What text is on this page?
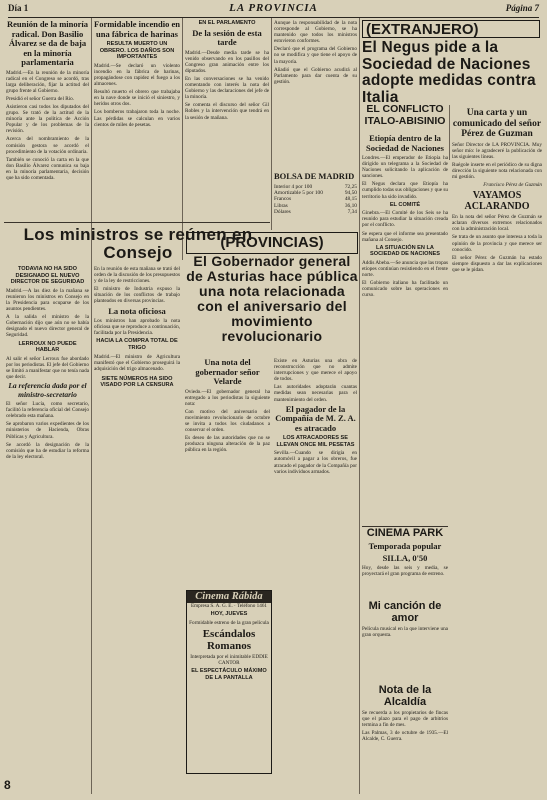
Día 1	LA PROVINCIA	Página 7
Reunión de la minoría radical. Don Basilio Álvarez se da de baja en la minoría parlamentaria

Madrid.—En la reunión de la minoría radical en el Congreso se acordó, tras larga deliberación, fijar la actitud del grupo frente al Gobierno.

Presidió el señor Guerra del Río.

Asistieron casi todos los diputados del grupo. Se trató de la actitud de la minoría ante la política de Acción Popular y de los problemas de la revisión.

Acerca del nombramiento de la comisión gestora se acordó el procedimiento de la votación ordinaria.

También se conoció la carta en la que don Basilio Álvarez comunica su baja en la minoría parlamentaria, decisión que ha sido comentada.

Formidable incendio en una fábrica de harinas
RESULTA MUERTO UN OBRERO. LOS DAÑOS SON IMPORTANTES

Madrid.—Se declaró un violento incendio en la fábrica de harinas, propagándose con rapidez el fuego a los almacenes.

Resultó muerto el obrero que trabajaba en la nave donde se inició el siniestro, y heridos otros dos.

Los bomberos trabajaron toda la noche. Las pérdidas se calculan en varios cientos de miles de pesetas.

EN EL PARLAMENTO
De la sesión de esta tarde

Madrid.—Desde media tarde se ha venido observando en los pasillos del Congreso gran animación entre los diputados.

En las conversaciones se ha venido comentando con interés la nota del Gobierno y las declaraciones del jefe de la minoría.

Se comenta el discurso del señor Gil Robles y la intervención que tendrá en la sesión de mañana.

Aunque la responsabilidad de la nota corresponde al Gobierno, se ha mantenido que todos los ministros estuvieron conformes.

Declaró que el programa del Gobierno no se modifica y que tiene el apoyo de la mayoría.

Añadió que el Gobierno acudirá al Parlamento para dar cuenta de su gestión.

BOLSA DE MADRID
Interior 4 por 100	72,25
Amortizable 5 por 100	94,50
Francos	48,15
Libras	36,10
Dólares	7,34
Los ministros se reúnen en Consejo
TODAVÍA NO HA SIDO DESIGNADO EL NUEVO DIRECTOR DE SEGURIDAD

Madrid.—A las diez de la mañana se reunieron los ministros en Consejo en la Presidencia para ocuparse de los asuntos pendientes.

A la salida el ministro de la Gobernación dijo que aún no se había designado el nuevo director general de Seguridad.

LERROUX NO PUEDE HABLAR

Al salir el señor Lerroux fue abordado por los periodistas. El jefe del Gobierno se limitó a manifestar que no tenía nada que decir.

La referencia dada por el ministro-secretario

El señor Lucía, como secretario, facilitó la referencia oficial del Consejo celebrado esta mañana.

Se aprobaron varios expedientes de los ministerios de Hacienda, Obras Públicas y Agricultura.

Se acordó la designación de la comisión que ha de estudiar la reforma de la ley electoral.

En la reunión de esta mañana se trató del orden de la discusión de los presupuestos y de la ley de restricciones.

El ministro de Industria expuso la situación de los conflictos de trabajo planteados en diversas provincias.

La nota oficiosa

Los ministros han aprobado la nota oficiosa que se reproduce a continuación, facilitada por la Presidencia.

HACIA LA COMPRA TOTAL DE TRIGO

Madrid.—El ministro de Agricultura manifestó que el Gobierno proseguirá la adquisición del trigo almacenado.

SIETE NÚMEROS HA SIDO VISADO POR LA CENSURA
(PROVINCIAS)
El Gobernador general de Asturias hace pública una nota relacionada con el aniversario del movimiento revolucionario
Una nota del gobernador señor Velarde

Oviedo.—El gobernador general ha entregado a los periodistas la siguiente nota:

Con motivo del aniversario del movimiento revolucionario de octubre se invita a todos los ciudadanos a conservar el orden.

Es deseo de las autoridades que no se produzca ninguna alteración de la paz pública en la región.

Existe en Asturias una obra de reconstrucción que no admite interrupciones y que merece el apoyo de todos.

Las autoridades adoptarán cuantas medidas sean necesarias para el mantenimiento del orden.

El pagador de la Compañía de M. Z. A. es atracado
LOS ATRACADORES SE LLEVAN ONCE MIL PESETAS

Sevilla.—Cuando se dirigía en automóvil a pagar a los obreros, fue atracado el pagador de la Compañía por varios individuos armados.

Cinema Rábida
Empresa S. A. G. E. · Teléfono 1461
HOY, JUEVES
Formidable estreno de la gran película
Escándalos Romanos
Interpretada por el inimitable EDDIE CANTOR
EL ESPECTÁCULO MÁXIMO DE LA PANTALLA
(EXTRANJERO)
El Negus pide a la Sociedad de Naciones adopte medidas contra Italia
EL CONFLICTO ITALO-ABISINIO
Etiopía dentro de la Sociedad de Naciones

Londres.—El emperador de Etiopía ha dirigido un telegrama a la Sociedad de Naciones solicitando la aplicación de sanciones.

El Negus declara que Etiopía ha cumplido todas sus obligaciones y que su territorio ha sido invadido.

EL COMITÉ

Ginebra.—El Comité de los Seis se ha reunido para estudiar la situación creada por el conflicto.

Se espera que el informe sea presentado mañana al Consejo.

LA SITUACIÓN EN LA SOCIEDAD DE NACIONES

Addis Abeba.—Se anuncia que las tropas etíopes continúan resistiendo en el frente norte.

El Gobierno italiano ha facilitado un comunicado sobre las operaciones en curso.

Una carta y un comunicado del señor Pérez de Guzman

Señor Director de LA PROVINCIA. Muy señor mío: le agradeceré la publicación de las siguientes líneas.

Ruégole inserte en el periódico de su digna dirección la siguiente nota relacionada con mi gestión.

Francisco Pérez de Guzmán
VAYAMOS ACLARANDO

En la nota del señor Pérez de Guzmán se aclaran diversos extremos relacionados con la administración local.

Se trata de un asunto que interesa a toda la opinión de la provincia y que merece ser conocido.

El señor Pérez de Guzmán ha estado siempre dispuesto a dar las explicaciones que se le pidan.

CINEMA PARK
Temporada popular
SILLA, 0'50

Hoy, desde las seis y media, se proyectará el gran programa de estreno.

Mi canción de amor

Película musical en la que interviene una gran orquesta.

Nota de la Alcaldía

Se recuerda a los propietarios de fincas que el plazo para el pago de arbitrios termina a fin de mes.

Las Palmas, 3 de octubre de 1935.—El Alcalde, C. Guerra.

8
